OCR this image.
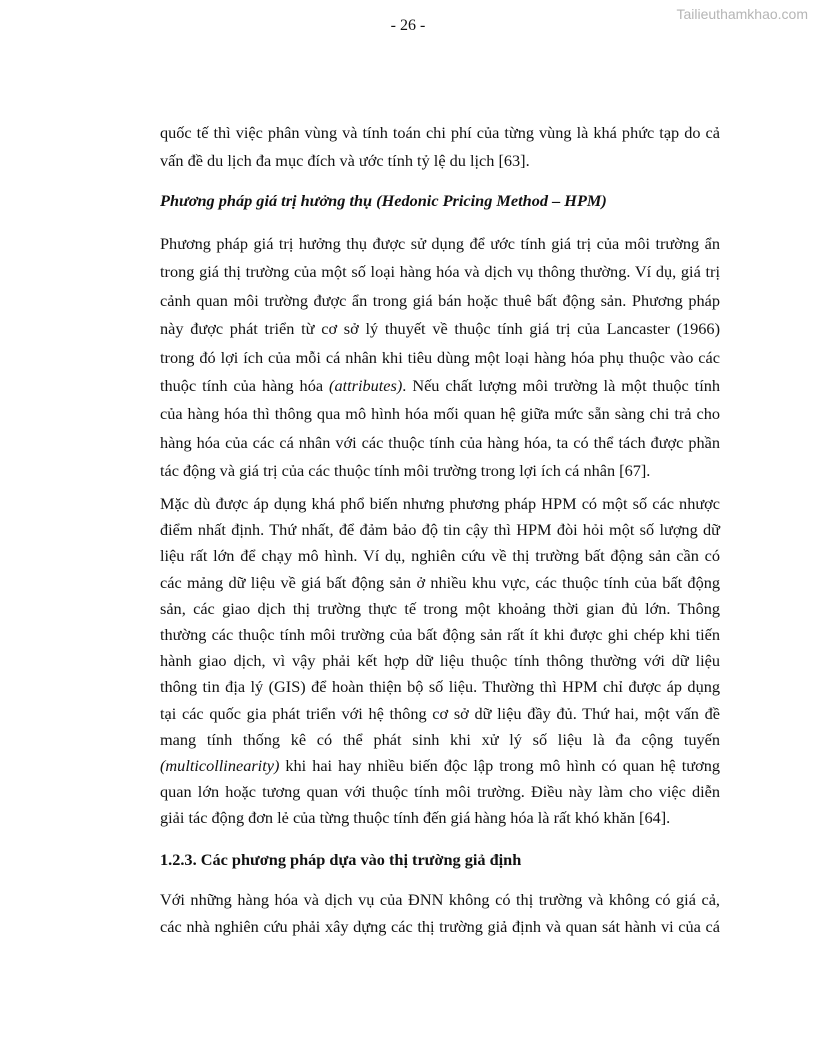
Tailieuthamkhao.com
- 26 -
quốc tế thì việc phân vùng và tính toán chi phí của từng vùng là khá phức tạp do cả
vấn đề du lịch đa mục đích và ước tính tỷ lệ du lịch [63].
Phương pháp giá trị hưởng thụ (Hedonic Pricing Method – HPM)
Phương pháp giá trị hưởng thụ được sử dụng để ước tính giá trị của môi trường ẩn
trong giá thị trường của một số loại hàng hóa và dịch vụ thông thường. Ví dụ, giá trị
cảnh quan môi trường được ẩn trong giá bán hoặc thuê bất động sản. Phương pháp
này được phát triển từ cơ sở lý thuyết về thuộc tính giá trị của Lancaster (1966)
trong đó lợi ích của mỗi cá nhân khi tiêu dùng một loại hàng hóa phụ thuộc vào các
thuộc tính của hàng hóa (attributes). Nếu chất lượng môi trường là một thuộc tính
của hàng hóa thì thông qua mô hình hóa mối quan hệ giữa mức sẵn sàng chi trả cho
hàng hóa của các cá nhân với các thuộc tính của hàng hóa, ta có thể tách được phần
tác động và giá trị của các thuộc tính môi trường trong lợi ích cá nhân [67].
Mặc dù được áp dụng khá phổ biến nhưng phương pháp HPM có một số các nhược
điểm nhất định. Thứ nhất, để đảm bảo độ tin cậy thì HPM đòi hỏi một số lượng dữ
liệu rất lớn để chạy mô hình. Ví dụ, nghiên cứu về thị trường bất động sản cần có
các mảng dữ liệu về giá bất động sản ở nhiều khu vực, các thuộc tính của bất động
sản, các giao dịch thị trường thực tế trong một khoảng thời gian đủ lớn. Thông
thường các thuộc tính môi trường của bất động sản rất ít khi được ghi chép khi tiến
hành giao dịch, vì vậy phải kết hợp dữ liệu thuộc tính thông thường với dữ liệu
thông tin địa lý (GIS) để hoàn thiện bộ số liệu. Thường thì HPM chỉ được áp dụng
tại các quốc gia phát triển với hệ thông cơ sở dữ liệu đầy đủ. Thứ hai, một vấn đề
mang tính thống kê có thể phát sinh khi xử lý số liệu là đa cộng tuyến
(multicollinearity) khi hai hay nhiều biến độc lập trong mô hình có quan hệ tương
quan lớn hoặc tương quan với thuộc tính môi trường. Điều này làm cho việc diễn
giải tác động đơn lẻ của từng thuộc tính đến giá hàng hóa là rất khó khăn [64].
1.2.3. Các phương pháp dựa vào thị trường giả định
Với những hàng hóa và dịch vụ của ĐNN không có thị trường và không có giá cả,
các nhà nghiên cứu phải xây dựng các thị trường giả định và quan sát hành vi của cá
